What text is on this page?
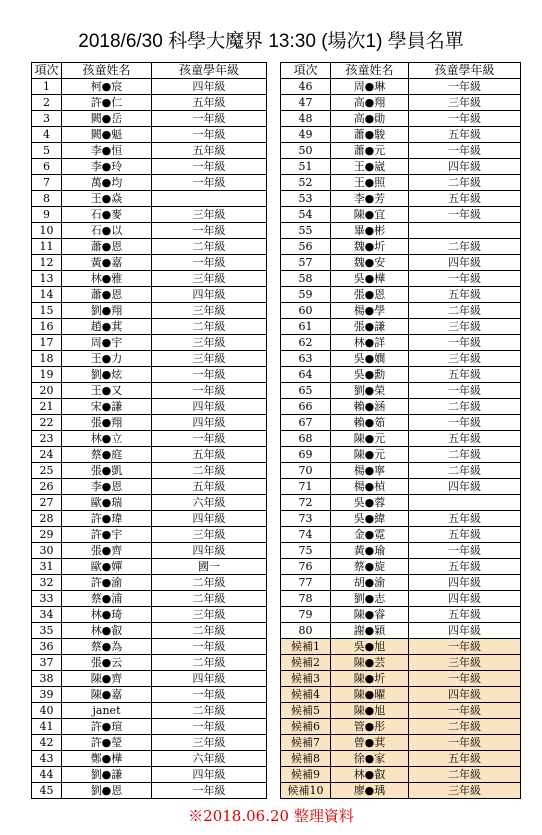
2018/6/30 科學大魔界 13:30 (場次1) 學員名單
項次	孩童姓名	孩童學年級
1	柯●宸	四年級
2	許●仁	五年級
3	闕●岳	一年級
4	闕●魁	一年級
5	李●恒	五年級
6	李●玲	一年級
7	萬●均	一年級
8	王●焱	
9	石●麥	三年級
10	石●以	一年級
11	蕭●恩	二年級
12	黃●嘉	一年級
13	林●雅	三年級
14	蕭●恩	四年級
15	劉●翔	三年級
16	趙●萁	二年級
17	周●宇	三年級
18	王●力	三年級
19	劉●炫	一年級
20	王●又	一年級
21	宋●謙	四年級
22	張●翔	四年級
23	林●立	一年級
24	蔡●庭	五年級
25	張●凱	二年級
26	李●恩	五年級
27	歐●瑞	六年級
28	許●瑋	四年級
29	許●宇	三年級
30	張●齊	四年級
31	歐●嬋	國一
32	許●渝	二年級
33	蔡●浦	二年級
34	林●琦	三年級
35	林●叡	二年級
36	蔡●為	一年級
37	張●云	二年級
38	陳●齊	四年級
39	陳●嘉	一年級
40	janet	二年級
41	許●瑄	一年級
42	許●瑩	三年級
43	鄭●樺	六年級
44	劉●謙	四年級
45	劉●恩	一年級
項次	孩童姓名	孩童學年級
46	周●琳	一年級
47	高●翔	三年級
48	高●勛	一年級
49	蕭●駿	五年級
50	蕭●元	一年級
51	王●崴	四年級
52	王●照	二年級
53	李●芳	五年級
54	陳●宜	一年級
55	畢●彬	
56	魏●圻	二年級
57	魏●安	四年級
58	吳●樺	一年級
59	張●恩	五年級
60	楊●學	二年級
61	張●謙	三年級
62	林●詳	一年級
63	吳●嫺	三年級
64	吳●勳	五年級
65	劉●榮	一年級
66	賴●涵	二年級
67	賴●筎	一年級
68	陳●元	五年級
69	陳●元	二年級
70	楊●寧	二年級
71	楊●楨	四年級
72	吳●蓉	
73	吳●緯	五年級
74	金●霓	五年級
75	黃●瑜	一年級
76	蔡●旋	五年級
77	胡●渝	四年級
78	劉●志	四年級
79	陳●睿	五年級
80	謝●穎	四年級
候補1	吳●旭	一年級
候補2	陳●芸	三年級
候補3	陳●圻	一年級
候補4	陳●曜	四年級
候補5	陳●旭	一年級
候補6	管●彤	二年級
候補7	曾●萁	一年級
候補8	徐●家	五年級
候補9	林●叡	二年級
候補10	廖●瑀	三年級
※2018.06.20 整理資料
